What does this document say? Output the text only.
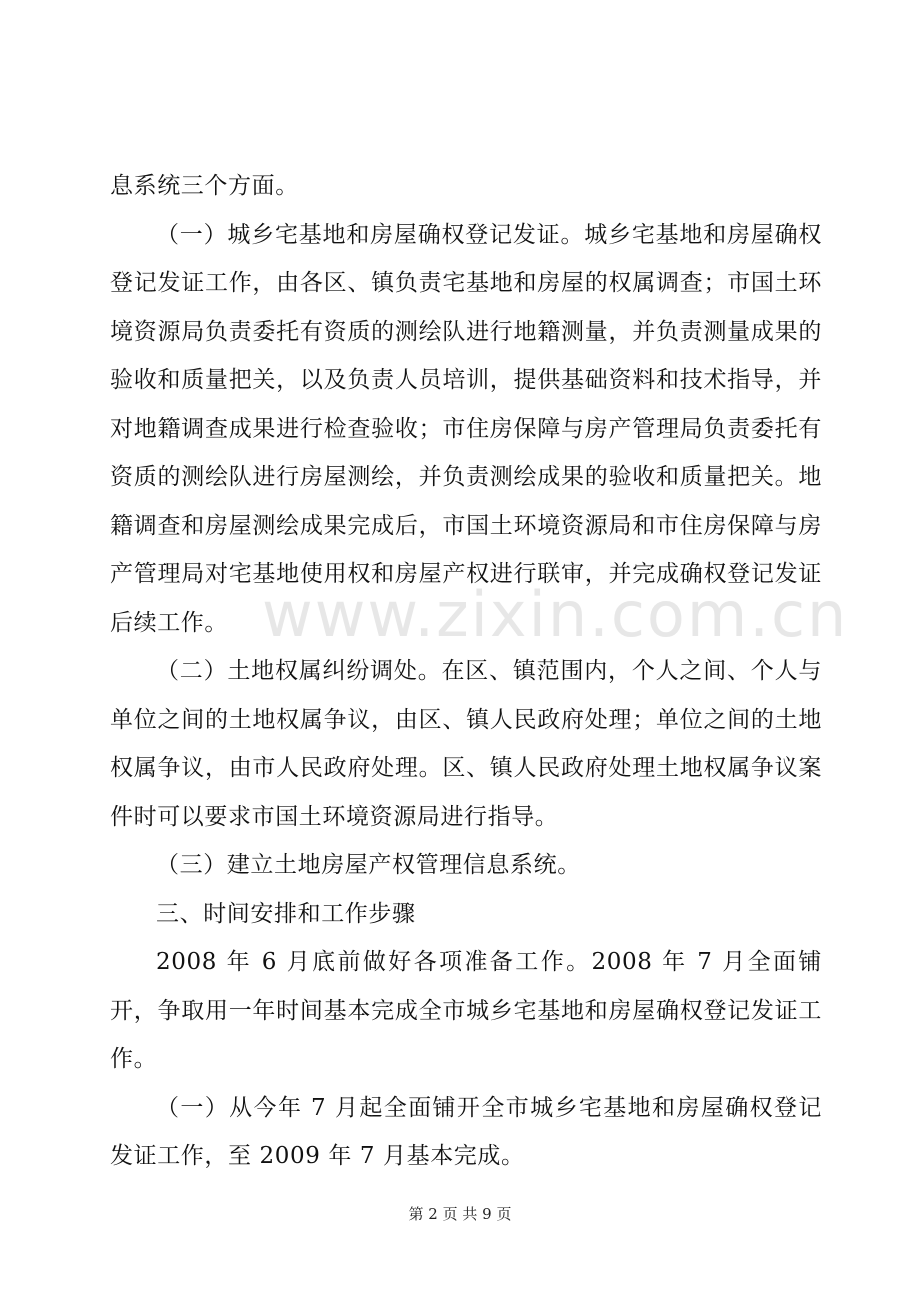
www.zixin.com.cn

息系统三个方面。

（一）城乡宅基地和房屋确权登记发证。城乡宅基地和房屋确权登记发证工作，由各区、镇负责宅基地和房屋的权属调查；市国土环境资源局负责委托有资质的测绘队进行地籍测量，并负责测量成果的验收和质量把关，以及负责人员培训，提供基础资料和技术指导，并对地籍调查成果进行检查验收；市住房保障与房产管理局负责委托有资质的测绘队进行房屋测绘，并负责测绘成果的验收和质量把关。地籍调查和房屋测绘成果完成后，市国土环境资源局和市住房保障与房产管理局对宅基地使用权和房屋产权进行联审，并完成确权登记发证后续工作。

（二）土地权属纠纷调处。在区、镇范围内，个人之间、个人与单位之间的土地权属争议，由区、镇人民政府处理；单位之间的土地权属争议，由市人民政府处理。区、镇人民政府处理土地权属争议案件时可以要求市国土环境资源局进行指导。

（三）建立土地房屋产权管理信息系统。

三、时间安排和工作步骤

2008 年 6 月底前做好各项准备工作。2008 年 7 月全面铺开，争取用一年时间基本完成全市城乡宅基地和房屋确权登记发证工作。

（一）从今年 7 月起全面铺开全市城乡宅基地和房屋确权登记发证工作，至 2009 年 7 月基本完成。

第 2 页 共 9 页
